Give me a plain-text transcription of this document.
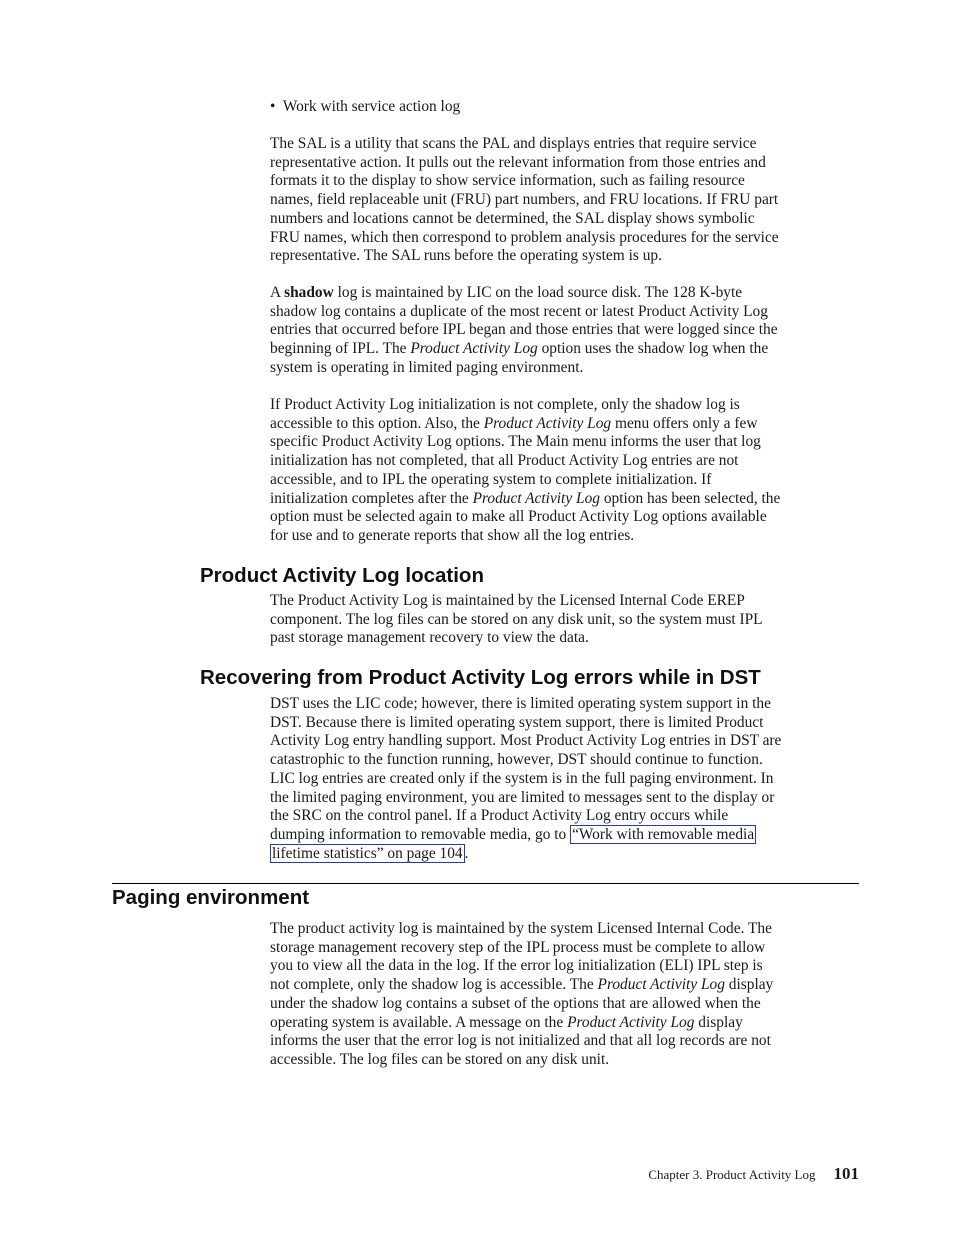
• Work with service action log
The SAL is a utility that scans the PAL and displays entries that require service
representative action. It pulls out the relevant information from those entries and
formats it to the display to show service information, such as failing resource
names, field replaceable unit (FRU) part numbers, and FRU locations. If FRU part
numbers and locations cannot be determined, the SAL display shows symbolic
FRU names, which then correspond to problem analysis procedures for the service
representative. The SAL runs before the operating system is up.
A shadow log is maintained by LIC on the load source disk. The 128 K-byte
shadow log contains a duplicate of the most recent or latest Product Activity Log
entries that occurred before IPL began and those entries that were logged since the
beginning of IPL. The Product Activity Log option uses the shadow log when the
system is operating in limited paging environment.
If Product Activity Log initialization is not complete, only the shadow log is
accessible to this option. Also, the Product Activity Log menu offers only a few
specific Product Activity Log options. The Main menu informs the user that log
initialization has not completed, that all Product Activity Log entries are not
accessible, and to IPL the operating system to complete initialization. If
initialization completes after the Product Activity Log option has been selected, the
option must be selected again to make all Product Activity Log options available
for use and to generate reports that show all the log entries.
Product Activity Log location
The Product Activity Log is maintained by the Licensed Internal Code EREP
component. The log files can be stored on any disk unit, so the system must IPL
past storage management recovery to view the data.
Recovering from Product Activity Log errors while in DST
DST uses the LIC code; however, there is limited operating system support in the
DST. Because there is limited operating system support, there is limited Product
Activity Log entry handling support. Most Product Activity Log entries in DST are
catastrophic to the function running, however, DST should continue to function.
LIC log entries are created only if the system is in the full paging environment. In
the limited paging environment, you are limited to messages sent to the display or
the SRC on the control panel. If a Product Activity Log entry occurs while
dumping information to removable media, go to “Work with removable media
lifetime statistics” on page 104 .
Paging environment
The product activity log is maintained by the system Licensed Internal Code. The
storage management recovery step of the IPL process must be complete to allow
you to view all the data in the log. If the error log initialization (ELI) IPL step is
not complete, only the shadow log is accessible. The Product Activity Log display
under the shadow log contains a subset of the options that are allowed when the
operating system is available. A message on the Product Activity Log display
informs the user that the error log is not initialized and that all log records are not
accessible. The log files can be stored on any disk unit.
Chapter 3. Product Activity Log 101
